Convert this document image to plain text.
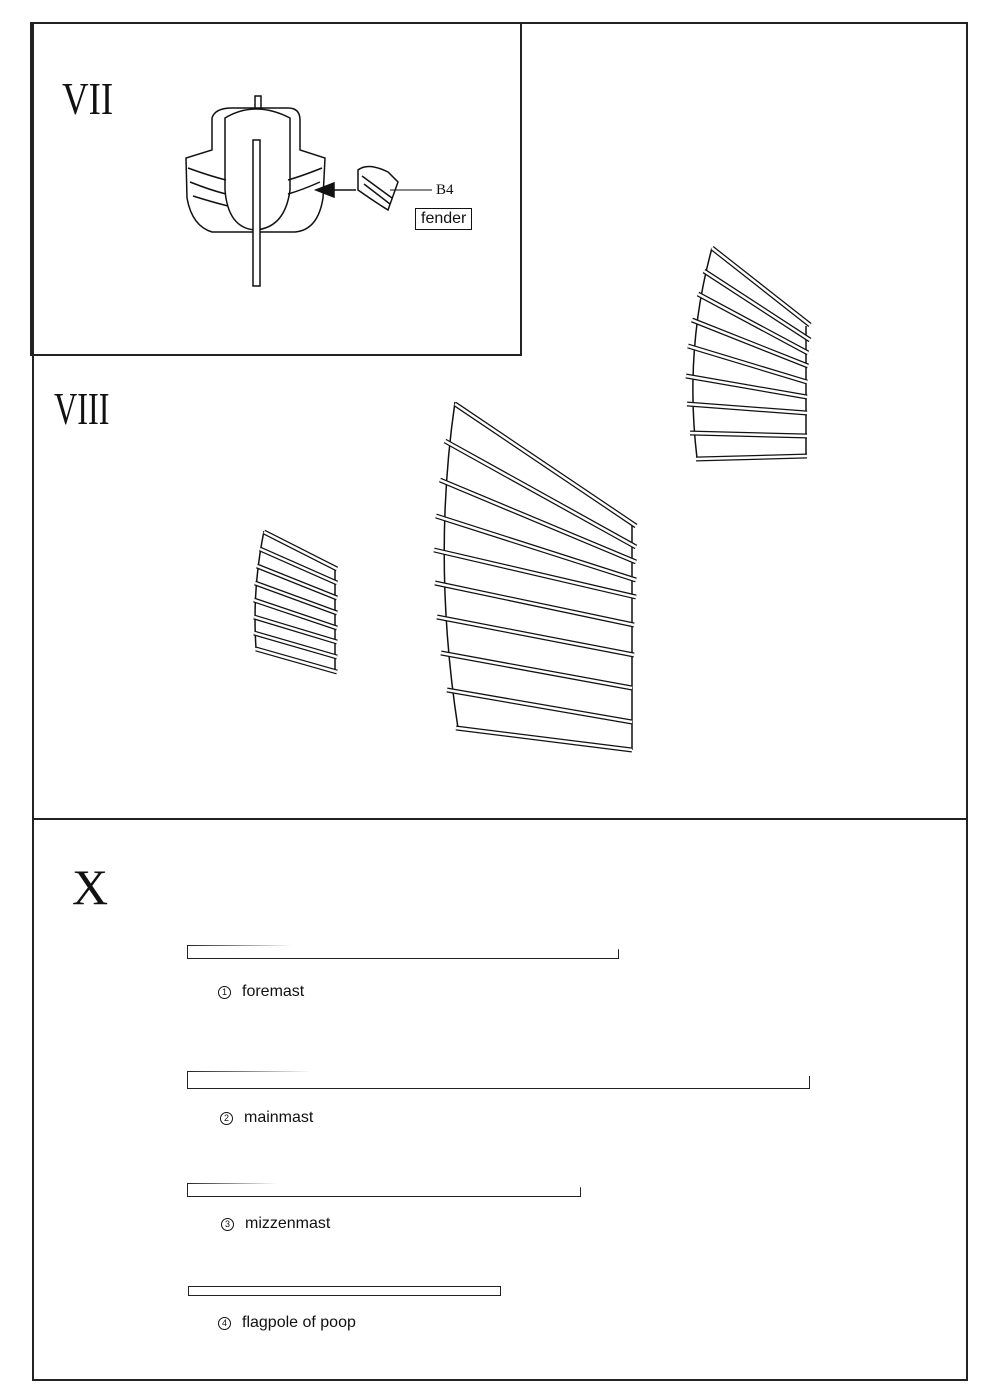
VII
VIII
X
B4
fender
1 foremast
2 mainmast
3 mizzenmast
4 flagpole of poop
